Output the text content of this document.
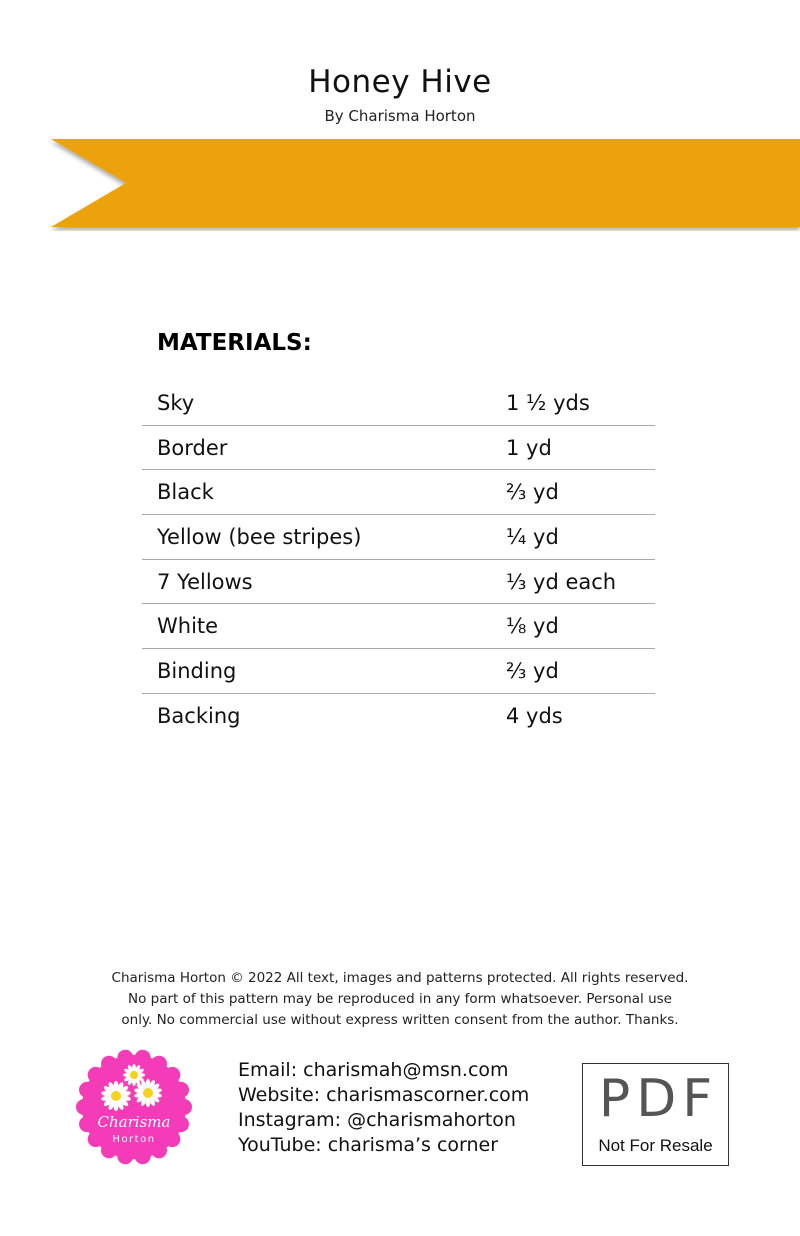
Honey Hive
By Charisma Horton
MATERIALS:
Sky	1 ½ yds
Border	1 yd
Black	⅔ yd
Yellow (bee stripes)	¼ yd
7 Yellows	⅓ yd each
White	⅛ yd
Binding	⅔ yd
Backing	4 yds
Charisma Horton © 2022 All text, images and patterns protected. All rights reserved.
No part of this pattern may be reproduced in any form whatsoever. Personal use
only. No commercial use without express written consent from the author. Thanks.
Charisma
Horton
Email: charismah@msn.com
Website: charismascorner.com
Instagram: @charismahorton
YouTube: charisma’s corner
PDF
Not For Resale
